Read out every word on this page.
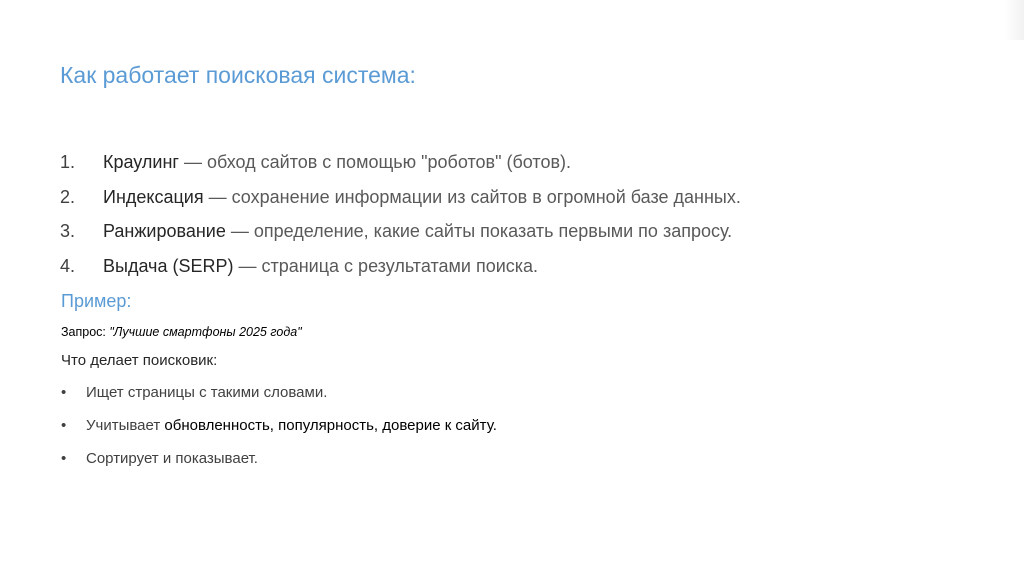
Как работает поисковая система:
1.	Краулинг — обход сайтов с помощью "роботов" (ботов).
2.	Индексация — сохранение информации из сайтов в огромной базе данных.
3.	Ранжирование — определение, какие сайты показать первыми по запросу.
4.	Выдача (SERP) — страница с результатами поиска.
Пример:
Запрос: "Лучшие смартфоны 2025 года"
Что делает поисковик:
•	Ищет страницы с такими словами.
•	Учитывает обновленность, популярность, доверие к сайту.
•	Сортирует и показывает.
